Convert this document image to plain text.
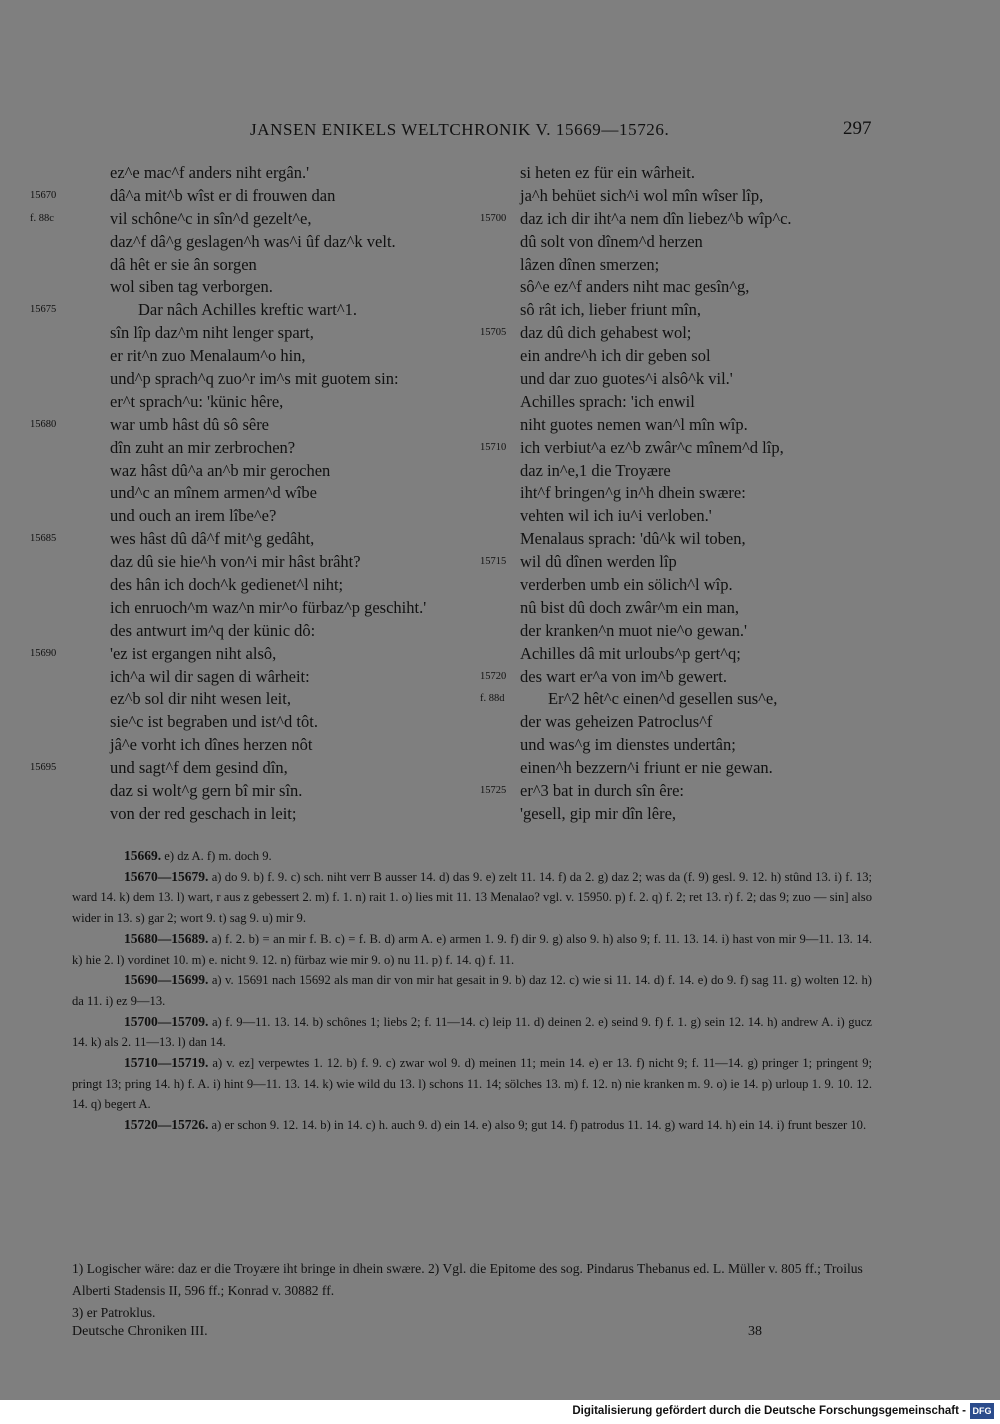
JANSEN ENIKELS WELTCHRONIK V. 15669—15726.	297
ez^e mac^f anders niht ergân.'
15670	dâ^a mit^b wîst er di frouwen dan
f. 88c	vil schône^c in sîn^d gezelt^e,
daz^f dâ^g geslagen^h was^i ûf daz^k velt.
dâ hêt er sie ân sorgen
wol siben tag verborgen.
15675	Dar nâch Achilles kreftic wart^1.
sîn lîp daz^m niht lenger spart,
er rit^n zuo Menalaum^o hin,
und^p sprach^q zuo^r im^s mit guotem sin:
er^t sprach^u: 'künic hêre,
15680	war umb hâst dû sô sêre
dîn zuht an mir zerbrochen?
waz hâst dû^a an^b mir gerochen
und^c an mînem armen^d wîbe
und ouch an irem lîbe^e?
15685	wes hâst dû dâ^f mit^g gedâht,
daz dû sie hie^h von^i mir hâst brâht?
des hân ich doch^k gedienet^l niht;
ich enruoch^m waz^n mir^o fürbaz^p geschiht.'
des antwurt im^q der künic dô:
15690	'ez ist ergangen niht alsô,
ich^a wil dir sagen di wârheit:
ez^b sol dir niht wesen leit,
sie^c ist begraben und ist^d tôt.
jâ^e vorht ich dînes herzen nôt
15695	und sagt^f dem gesind dîn,
daz si wolt^g gern bî mir sîn.
von der red geschach in leit;
si heten ez für ein wârheit.
ja^h behüet sich^i wol mîn wîser lîp,
15700 daz ich dir iht^a nem dîn liebez^b wîp^c.
dû solt von dînem^d herzen
lâzen dînen smerzen;
sô^e ez^f anders niht mac gesîn^g,
sô rât ich, lieber friunt mîn,
15705 daz dû dich gehabest wol;
ein andre^h ich dir geben sol
und dar zuo guotes^i alsô^k vil.'
Achilles sprach: 'ich enwil
niht guotes nemen wan^l mîn wîp.
15710 ich verbiut^a ez^b zwâr^c mînem^d lîp,
daz in^e,1 die Troyære
iht^f bringen^g in^h dhein swære:
vehten wil ich iu^i verloben.'
Menalaus sprach: 'dû^k wil toben,
15715 wil dû dînen werden lîp
verderben umb ein sölich^l wîp.
nû bist dû doch zwâr^m ein man,
der kranken^n muot nie^o gewan.'
Achilles dâ mit urloubs^p gert^q;
15720 des wart er^a von im^b gewert.
f. 88d	Er^2 hêt^c einen^d gesellen sus^e,
der was geheizen Patroclus^f
und was^g im dienstes undertân;
einen^h bezzern^i friunt er nie gewan.
15725 er^3 bat in durch sîn êre:
'gesell, gip mir dîn lêre,

15669. e) dz A. f) m. doch 9.

15670—15679. a) do 9. b) f. 9. c) sch. niht verr B ausser 14. d) das 9. e) zelt 11. 14. f) da 2. g) daz 2; was da (f. 9) gesl. 9. 12. h) stûnd 13. i) f. 13; ward 14. k) dem 13. l) wart, r aus z gebessert 2. m) f. 1. n) rait 1. o) lies mit 11. 13 Menalao? vgl. v. 15950. p) f. 2. q) f. 2; ret 13. r) f. 2; das 9; zuo — sin] also wider in 13. s) gar 2; wort 9. t) sag 9. u) mir 9.

15680—15689. a) f. 2. b) = an mir f. B. c) = f. B. d) arm A. e) armen 1. 9. f) dir 9. g) also 9. h) also 9; f. 11. 13. 14. i) hast von mir 9—11. 13. 14. k) hie 2. l) vordinet 10. m) e. nicht 9. 12. n) fürbaz wie mir 9. o) nu 11. p) f. 14. q) f. 11.

15690—15699. a) v. 15691 nach 15692 als man dir von mir hat gesait in 9. b) daz 12. c) wie si 11. 14. d) f. 14. e) do 9. f) sag 11. g) wolten 12. h) da 11. i) ez 9—13.

15700—15709. a) f. 9—11. 13. 14. b) schônes 1; liebs 2; f. 11—14. c) leip 11. d) deinen 2. e) seind 9. f) f. 1. g) sein 12. 14. h) andrew A. i) gucz 14. k) als 2. 11—13. l) dan 14.

15710—15719. a) v. ez] verpewtes 1. 12. b) f. 9. c) zwar wol 9. d) meinen 11; mein 14. e) er 13. f) nicht 9; f. 11—14. g) pringer 1; pringent 9; pringt 13; pring 14. h) f. A. i) hint 9—11. 13. 14. k) wie wild du 13. l) schons 11. 14; sölches 13. m) f. 12. n) nie kranken m. 9. o) ie 14. p) urloup 1. 9. 10. 12. 14. q) begert A.

15720—15726. a) er schon 9. 12. 14. b) in 14. c) h. auch 9. d) ein 14. e) also 9; gut 14. f) patrodus 11. 14. g) ward 14. h) ein 14. i) frunt beszer 10.

1) Logischer wäre: daz er die Troyære iht bringe in dhein swære. 2) Vgl. die Epitome des sog. Pindarus Thebanus ed. L. Müller v. 805 ff.; Troilus Alberti Stadensis II, 596 ff.; Konrad v. 30882 ff.

3) er Patroklus.

Deutsche Chroniken III.	38
Digitalisierung gefördert durch die Deutsche Forschungsgemeinschaft - DFG
